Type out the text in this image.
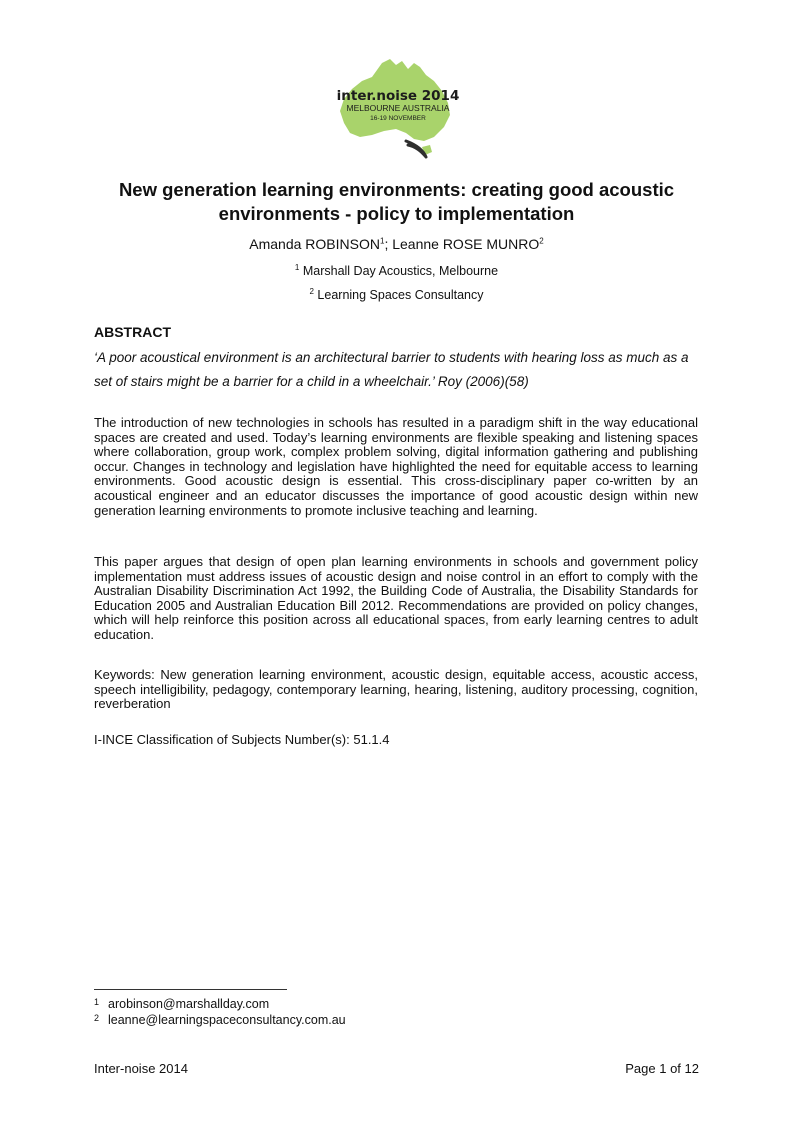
inter.noise 2014
MELBOURNE AUSTRALIA
16-19 NOVEMBER
New generation learning environments: creating good acoustic
environments - policy to implementation
Amanda ROBINSON$^1$; Leanne ROSE MUNRO$^2$
$^1$ Marshall Day Acoustics, Melbourne
$^2$ Learning Spaces Consultancy
ABSTRACT
‘A poor acoustical environment is an architectural barrier to students with hearing loss as much as a set of stairs might be a barrier for a child in a wheelchair.’ Roy (2006)(58)
The introduction of new technologies in schools has resulted in a paradigm shift in the way educational spaces are created and used. Today’s learning environments are flexible speaking and listening spaces where collaboration, group work, complex problem solving, digital information gathering and publishing occur. Changes in technology and legislation have highlighted the need for equitable access to learning environments. Good acoustic design is essential. This cross-disciplinary paper co-written by an acoustical engineer and an educator discusses the importance of good acoustic design within new generation learning environments to promote inclusive teaching and learning.
This paper argues that design of open plan learning environments in schools and government policy implementation must address issues of acoustic design and noise control in an effort to comply with the Australian Disability Discrimination Act 1992, the Building Code of Australia, the Disability Standards for Education 2005 and Australian Education Bill 2012. Recommendations are provided on policy changes, which will help reinforce this position across all educational spaces, from early learning centres to adult education.
Keywords: New generation learning environment, acoustic design, equitable access, acoustic access, speech intelligibility, pedagogy, contemporary learning, hearing, listening, auditory processing, cognition, reverberation
I-INCE Classification of Subjects Number(s): 51.1.4
1 arobinson@marshallday.com
2 leanne@learningspaceconsultancy.com.au
Inter-noise 2014	Page 1 of 12
